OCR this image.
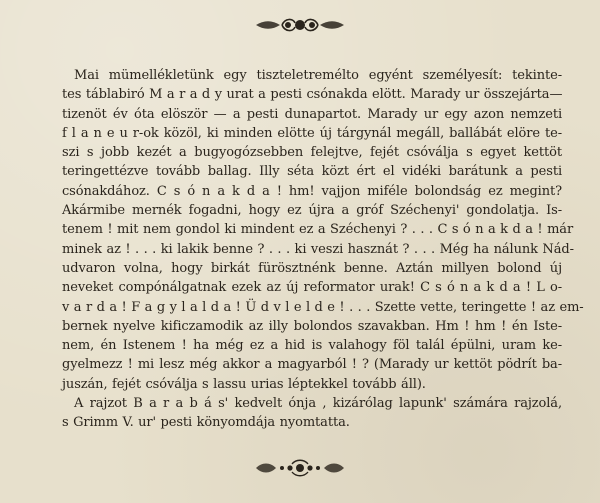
Mai mümellékletünk egy tiszteletremélto egyént személyesít: tekinte-
tes táblabiró M a r a d y urat a pesti csónakda elött. Marady ur összejárta—
tizenöt év óta elöször — a pesti dunapartot. Marady ur egy azon nemzeti
f l a n e u r-ok közöl, ki minden elötte új tárgynál megáll, ballábát elöre te-
szi s jobb kezét a bugyogózsebben felejtve, fejét csóválja s egyet kettöt
teringettézve tovább ballag. Illy séta közt ért el vidéki barátunk a pesti
csónakdához. C s ó n a k d a ! hm! vajjon miféle bolondság ez megint?
Akármibe mernék fogadni, hogy ez újra a gróf Széchenyi' gondolatja. Is-
tenem ! mit nem gondol ki mindent ez a Széchenyi ? . . . C s ó n a k d a ! már
minek az ! . . . ki lakik benne ? . . . ki veszi hasznát ? . . . Még ha nálunk Nád-
udvaron volna, hogy birkát fürösztnénk benne. Aztán millyen bolond új
neveket compónálgatnak ezek az új reformator urak! C s ó n a k d a ! L o-
v a r d a ! F a g y l a l d a ! Ü d v l e l d e ! . . . Szette vette, teringette ! az em-
bernek nyelve kificzamodik az illy bolondos szavakban. Hm ! hm ! én Iste-
nem, én Istenem ! ha még ez a hid is valahogy föl talál épülni, uram ke-
gyelmezz ! mi lesz még akkor a magyarból ! ? (Marady ur kettöt pödrít ba-
juszán, fejét csóválja s lassu urias léptekkel tovább áll).
A rajzot B a r a b á s' kedvelt ónja , kizárólag lapunk' számára rajzolá,
s Grimm V. ur' pesti könyomdája nyomtatta.
